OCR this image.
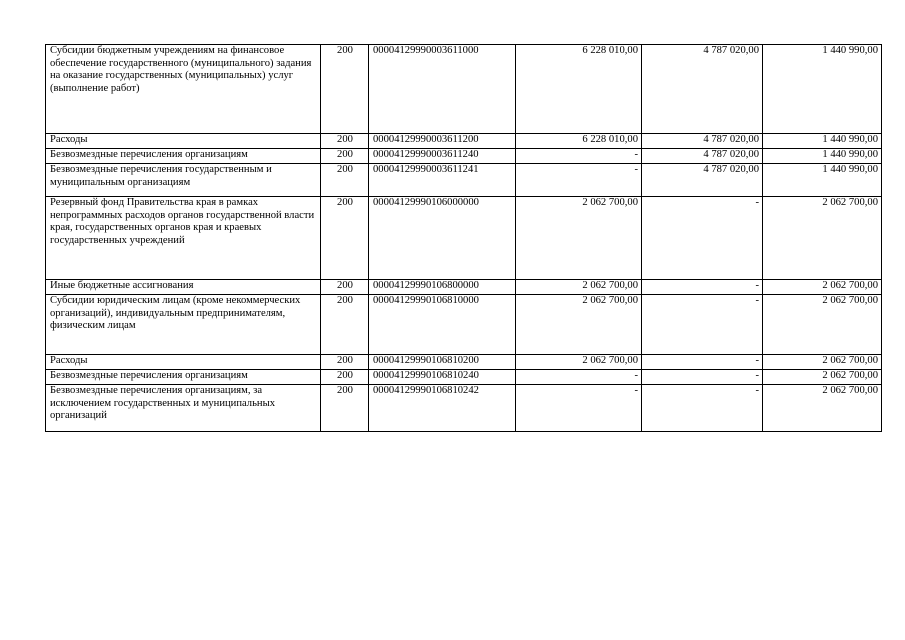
Субсидии бюджетным учреждениям на финансовое обеспечение государственного (муниципального) задания на оказание государственных (муниципальных) услуг (выполнение работ)	200	00004129990003611000	6 228 010,00	4 787 020,00	1 440 990,00
Расходы	200	00004129990003611200	6 228 010,00	4 787 020,00	1 440 990,00
Безвозмездные перечисления организациям	200	00004129990003611240	-	4 787 020,00	1 440 990,00
Безвозмездные перечисления государственным и муниципальным организациям	200	00004129990003611241	-	4 787 020,00	1 440 990,00
Резервный фонд Правительства края в рамках непрограммных расходов органов государственной власти края, государственных органов края и краевых государственных учреждений	200	00004129990106000000	2 062 700,00	-	2 062 700,00
Иные бюджетные ассигнования	200	00004129990106800000	2 062 700,00	-	2 062 700,00
Субсидии юридическим лицам (кроме некоммерческих организаций), индивидуальным предпринимателям, физическим лицам	200	00004129990106810000	2 062 700,00	-	2 062 700,00
Расходы	200	00004129990106810200	2 062 700,00	-	2 062 700,00
Безвозмездные перечисления организациям	200	00004129990106810240	-	-	2 062 700,00
Безвозмездные перечисления организациям, за исключением государственных и муниципальных организаций	200	00004129990106810242	-	-	2 062 700,00
